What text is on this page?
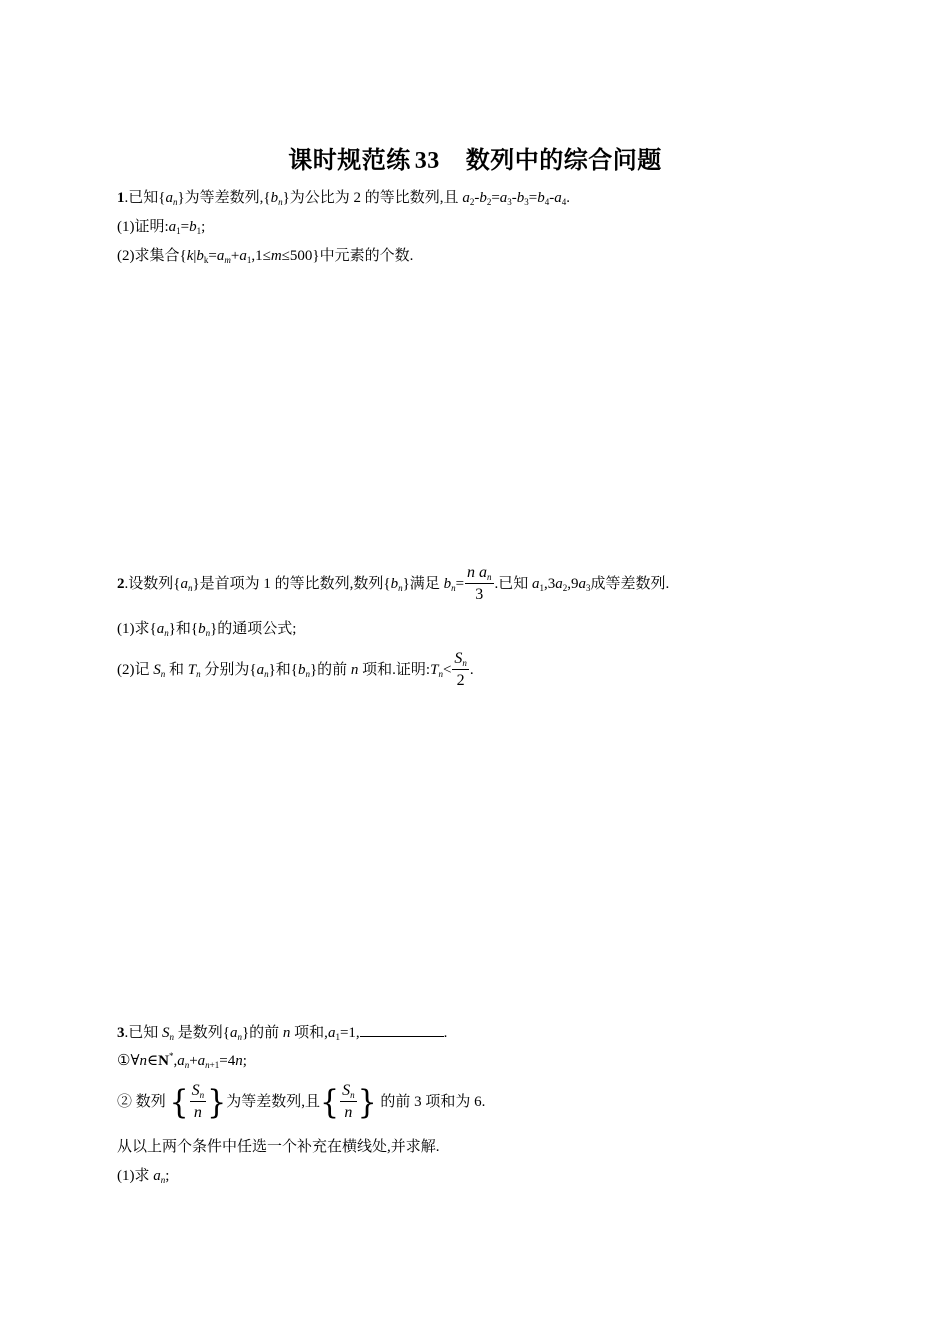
课时规范练 33 数列中的综合问题
1.已知$\{a_n\}$为等差数列$,\{b_n\}$为公比为 2 的等比数列,且 $a_2-b_2=a_3-b_3=b_4-a_4$.
(1)证明$:a_1=b_1$;
(2)求集合$\{k|b_k=a_m+a_1,1\le m\le 500\}$中元素的个数.
2.设数列$\{a_n\}$是首项为 1 的等比数列,数列$\{b_n\}$满足 $b_n= \frac{n a_n}{3}$ .已知 $a_1,3a_2,9a_3$成等差数列.
(1)求$\{a_n\}$和$\{b_n\}$的通项公式;
(2)记 $S_n$ 和 $T_n$ 分别为$\{a_n\}$和$\{b_n\}$的前 n 项和.证明$:T_n< \frac{S_n}{2}$ .
3.已知 $S_n$ 是数列$\{a_n\}$的前 n 项和$,a_1=1$,	.
$①\forall n\in N^*,a_n+a_{n+1}=4n$;
② 数列 { $\frac{S_n}{n}$ }为等差数列,且{ $\frac{S_n}{n}$ } 的前 3 项和为 6.
从以上两个条件中任选一个补充在横线处,并求解.
(1)求 $a_n$;
